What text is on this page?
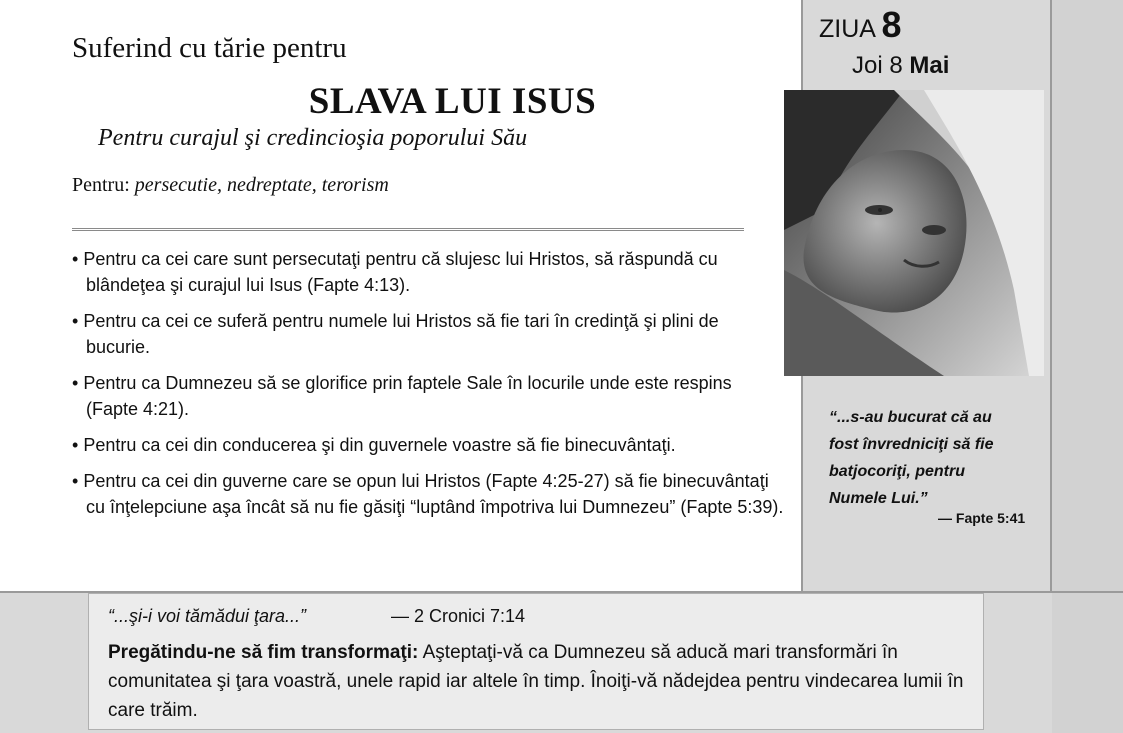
Suferind cu tărie pentru
SLAVA LUI ISUS
Pentru curajul şi credincioşia poporului Său
Pentru: persecutie, nedreptate, terorism
• Pentru ca cei care sunt persecutaţi pentru că slujesc lui Hristos, să răspundă cu blândeţea şi curajul lui Isus (Fapte 4:13).
• Pentru ca cei ce suferă pentru numele lui Hristos să fie tari în credinţă şi plini de bucurie.
• Pentru ca Dumnezeu să se glorifice prin faptele Sale în locurile unde este respins (Fapte 4:21).
• Pentru ca cei din conducerea şi din guvernele voastre să fie binecuvântaţi.
• Pentru ca cei din guverne care se opun lui Hristos (Fapte 4:25-27) să fie binecuvântaţi cu înţelepciune aşa încât să nu fie găsiţi “luptând împotriva lui Dumnezeu” (Fapte 5:39).
ZIUA 8
Joi 8 Mai
“...s-au bucurat că au fost învredniciţi să fie batjocoriţi, pentru Numele Lui.”
— Fapte 5:41
“...şi-i voi tămădui ţara...”	— 2 Cronici 7:14
Pregătindu-ne să fim transformaţi: Aşteptaţi-vă ca Dumnezeu să aducă mari transformări în comunitatea şi ţara voastră, unele rapid iar altele în timp. Înoiţi-vă nădejdea pentru vindecarea lumii în care trăim.
